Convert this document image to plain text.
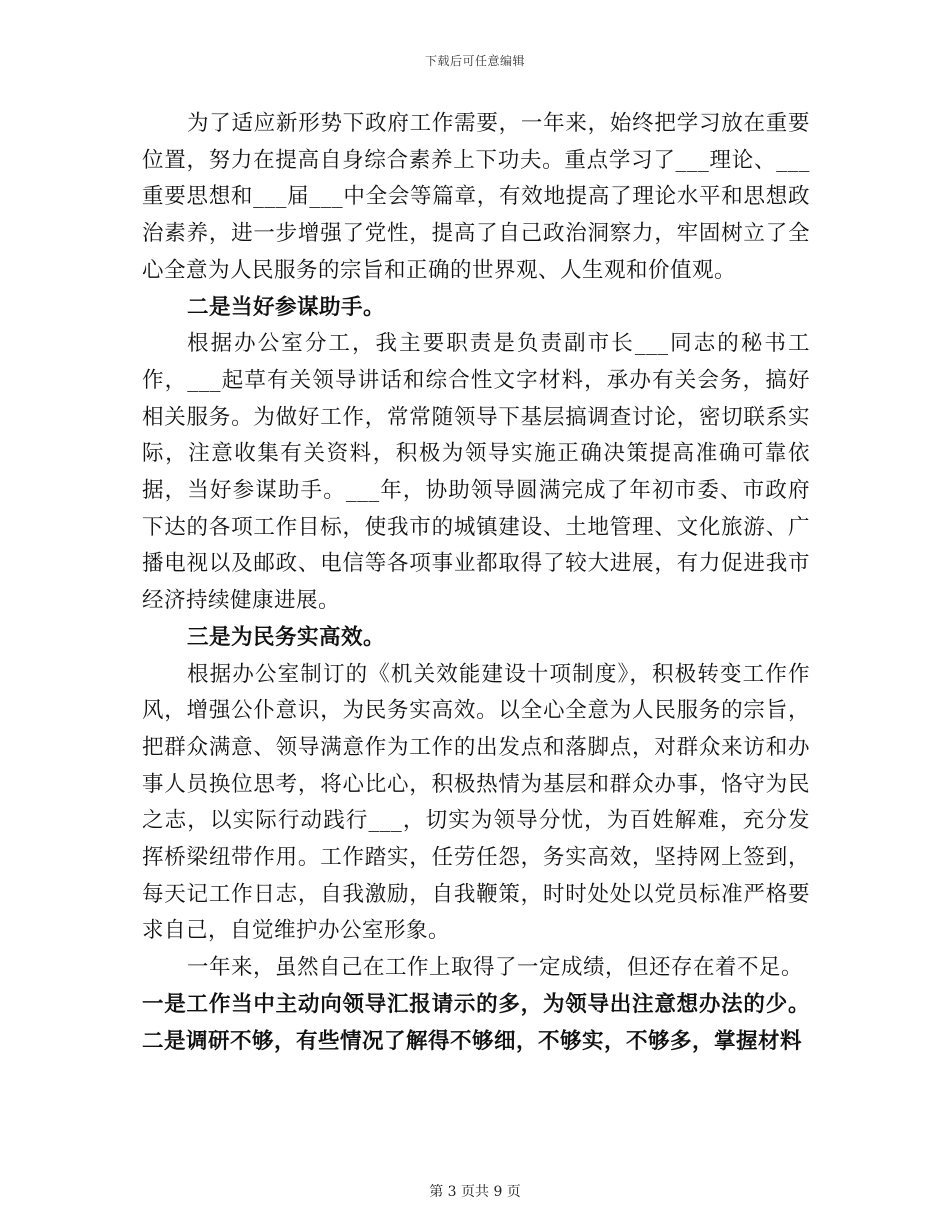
下载后可任意编辑

为了适应新形势下政府工作需要，一年来，始终把学习放在重要位置，努力在提高自身综合素养上下功夫。重点学习了___理论、___重要思想和___届___中全会等篇章，有效地提高了理论水平和思想政治素养，进一步增强了党性，提高了自己政治洞察力，牢固树立了全心全意为人民服务的宗旨和正确的世界观、人生观和价值观。

二是当好参谋助手。

根据办公室分工，我主要职责是负责副市长___同志的秘书工作，___起草有关领导讲话和综合性文字材料，承办有关会务，搞好相关服务。为做好工作，常常随领导下基层搞调查讨论，密切联系实际，注意收集有关资料，积极为领导实施正确决策提高准确可靠依据，当好参谋助手。___年，协助领导圆满完成了年初市委、市政府下达的各项工作目标，使我市的城镇建设、土地管理、文化旅游、广播电视以及邮政、电信等各项事业都取得了较大进展，有力促进我市经济持续健康进展。

三是为民务实高效。

根据办公室制订的《机关效能建设十项制度》，积极转变工作作风，增强公仆意识，为民务实高效。以全心全意为人民服务的宗旨，把群众满意、领导满意作为工作的出发点和落脚点，对群众来访和办事人员换位思考，将心比心，积极热情为基层和群众办事，恪守为民之志，以实际行动践行___，切实为领导分忧，为百姓解难，充分发挥桥梁纽带作用。工作踏实，任劳任怨，务实高效，坚持网上签到，每天记工作日志，自我激励，自我鞭策，时时处处以党员标准严格要求自己，自觉维护办公室形象。

一年来，虽然自己在工作上取得了一定成绩，但还存在着不足。

一是工作当中主动向领导汇报请示的多，为领导出注意想办法的少。二是调研不够，有些情况了解得不够细，不够实，不够多，掌握材料

第 3 页共 9 页
